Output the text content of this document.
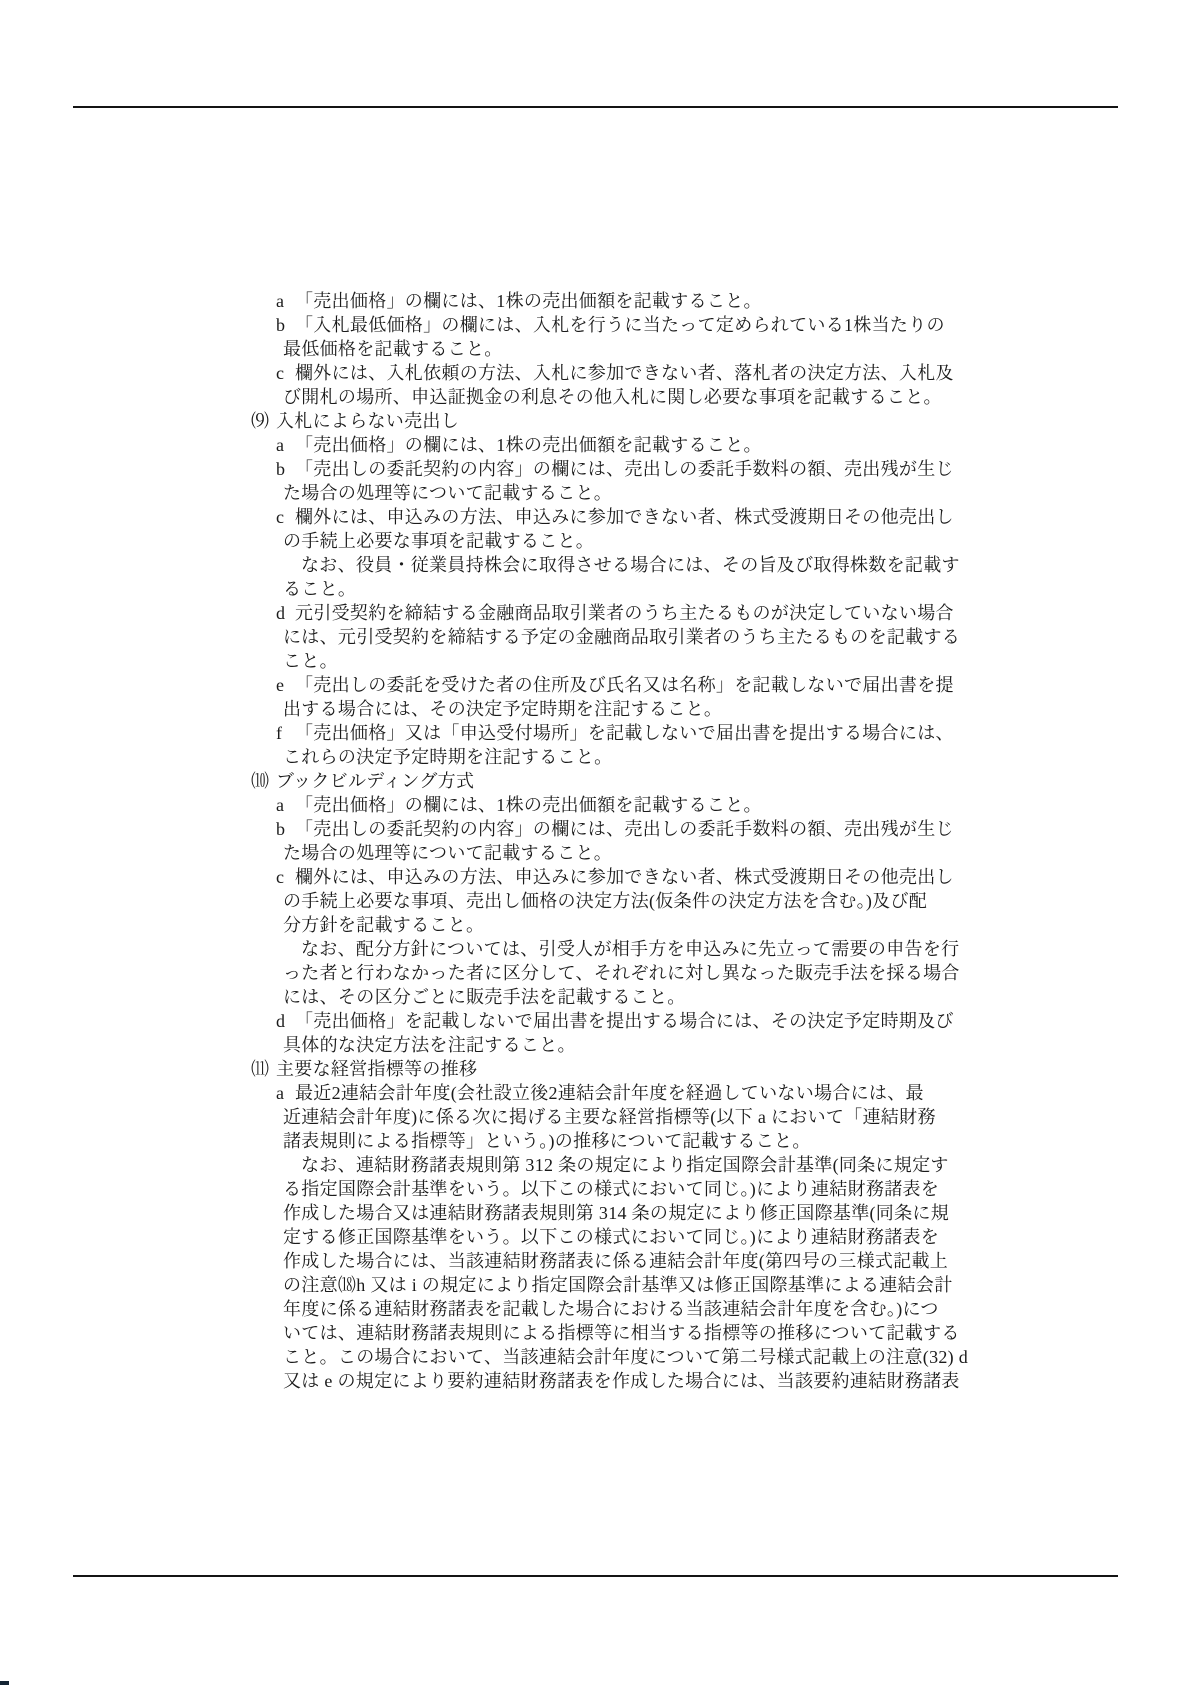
a 「売出価格」の欄には、1株の売出価額を記載すること。
b 「入札最低価格」の欄には、入札を行うに当たって定められている1株当たりの
最低価格を記載すること。
c 欄外には、入札依頼の方法、入札に参加できない者、落札者の決定方法、入札及
び開札の場所、申込証拠金の利息その他入札に関し必要な事項を記載すること。
⑼ 入札によらない売出し
a 「売出価格」の欄には、1株の売出価額を記載すること。
b 「売出しの委託契約の内容」の欄には、売出しの委託手数料の額、売出残が生じ
た場合の処理等について記載すること。
c 欄外には、申込みの方法、申込みに参加できない者、株式受渡期日その他売出し
の手続上必要な事項を記載すること。
なお、役員・従業員持株会に取得させる場合には、その旨及び取得株数を記載す
ること。
d 元引受契約を締結する金融商品取引業者のうち主たるものが決定していない場合
には、元引受契約を締結する予定の金融商品取引業者のうち主たるものを記載する
こと。
e 「売出しの委託を受けた者の住所及び氏名又は名称」を記載しないで届出書を提
出する場合には、その決定予定時期を注記すること。
f 「売出価格」又は「申込受付場所」を記載しないで届出書を提出する場合には、
これらの決定予定時期を注記すること。
⑽ ブックビルディング方式
a 「売出価格」の欄には、1株の売出価額を記載すること。
b 「売出しの委託契約の内容」の欄には、売出しの委託手数料の額、売出残が生じ
た場合の処理等について記載すること。
c 欄外には、申込みの方法、申込みに参加できない者、株式受渡期日その他売出し
の手続上必要な事項、売出し価格の決定方法(仮条件の決定方法を含む。)及び配
分方針を記載すること。
なお、配分方針については、引受人が相手方を申込みに先立って需要の申告を行
った者と行わなかった者に区分して、それぞれに対し異なった販売手法を採る場合
には、その区分ごとに販売手法を記載すること。
d 「売出価格」を記載しないで届出書を提出する場合には、その決定予定時期及び
具体的な決定方法を注記すること。
⑾ 主要な経営指標等の推移
a 最近2連結会計年度(会社設立後2連結会計年度を経過していない場合には、最
近連結会計年度)に係る次に掲げる主要な経営指標等(以下 a において「連結財務
諸表規則による指標等」という。)の推移について記載すること。
なお、連結財務諸表規則第 312 条の規定により指定国際会計基準(同条に規定す
る指定国際会計基準をいう。以下この様式において同じ。)により連結財務諸表を
作成した場合又は連結財務諸表規則第 314 条の規定により修正国際基準(同条に規
定する修正国際基準をいう。以下この様式において同じ。)により連結財務諸表を
作成した場合には、当該連結財務諸表に係る連結会計年度(第四号の三様式記載上
の注意⒅h 又は i の規定により指定国際会計基準又は修正国際基準による連結会計
年度に係る連結財務諸表を記載した場合における当該連結会計年度を含む。)につ
いては、連結財務諸表規則による指標等に相当する指標等の推移について記載する
こと。この場合において、当該連結会計年度について第二号様式記載上の注意(32) d
又は e の規定により要約連結財務諸表を作成した場合には、当該要約連結財務諸表
